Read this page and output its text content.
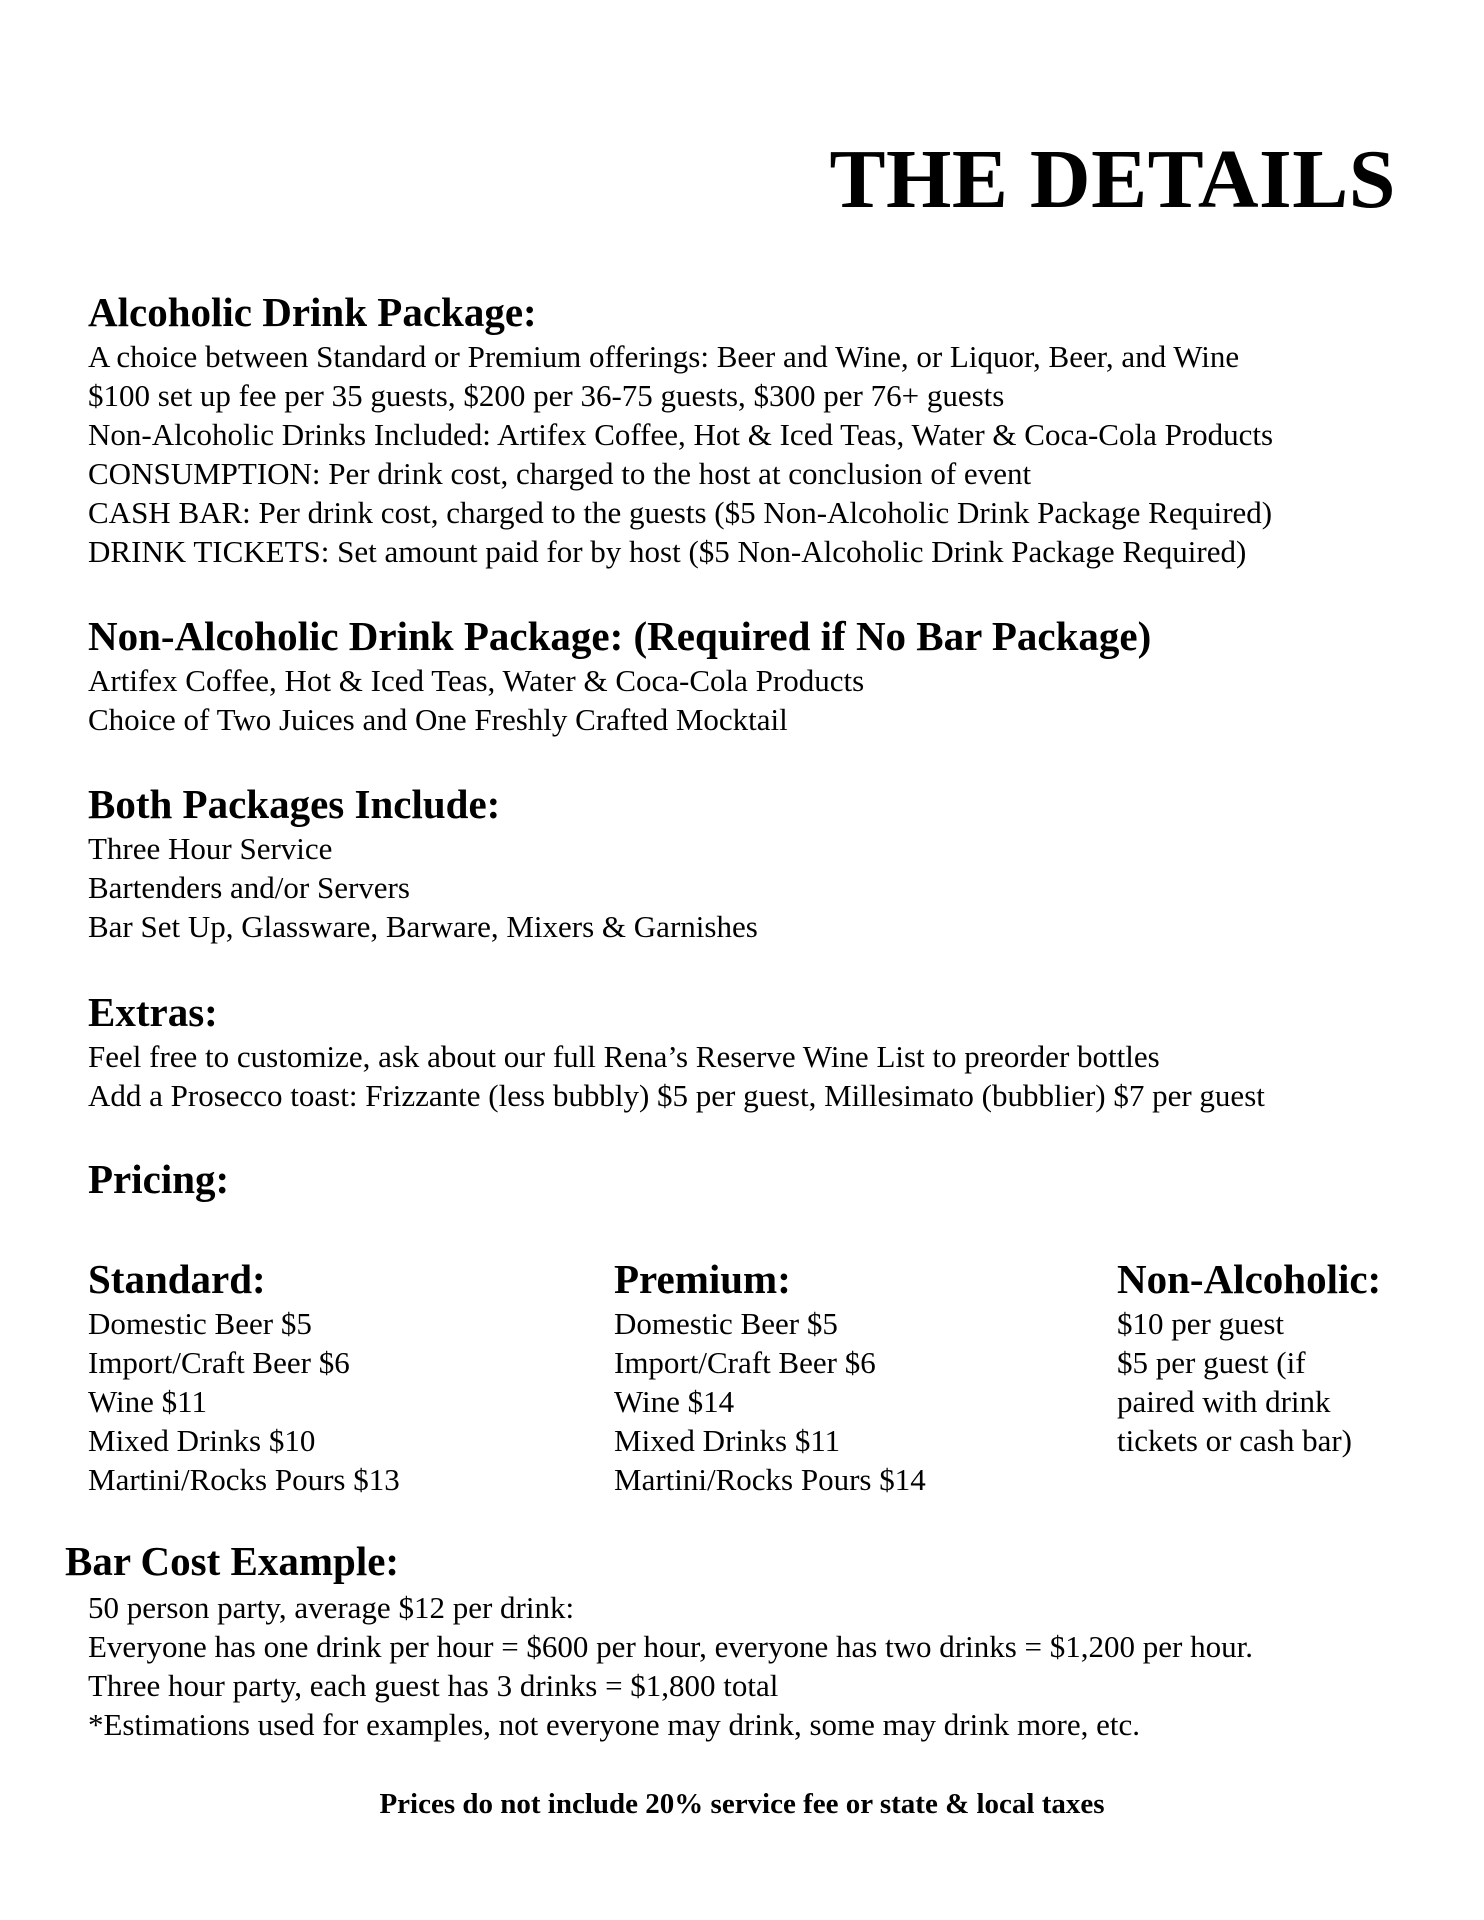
THE DETAILS
Alcoholic Drink Package:
A choice between Standard or Premium offerings: Beer and Wine, or Liquor, Beer, and Wine
$100 set up fee per 35 guests, $200 per 36-75 guests, $300 per 76+ guests
Non-Alcoholic Drinks Included: Artifex Coffee, Hot & Iced Teas, Water & Coca-Cola Products
CONSUMPTION: Per drink cost, charged to the host at conclusion of event
CASH BAR: Per drink cost, charged to the guests ($5 Non-Alcoholic Drink Package Required)
DRINK TICKETS: Set amount paid for by host ($5 Non-Alcoholic Drink Package Required)
Non-Alcoholic Drink Package: (Required if No Bar Package)
Artifex Coffee, Hot & Iced Teas, Water & Coca-Cola Products
Choice of Two Juices and One Freshly Crafted Mocktail
Both Packages Include:
Three Hour Service
Bartenders and/or Servers
Bar Set Up, Glassware, Barware, Mixers & Garnishes
Extras:
Feel free to customize, ask about our full Rena’s Reserve Wine List to preorder bottles
Add a Prosecco toast: Frizzante (less bubbly) $5 per guest, Millesimato (bubblier) $7 per guest
Pricing:
Standard:
Domestic Beer $5
Import/Craft Beer $6
Wine $11
Mixed Drinks $10
Martini/Rocks Pours $13
Premium:
Domestic Beer $5
Import/Craft Beer $6
Wine $14
Mixed Drinks $11
Martini/Rocks Pours $14
Non-Alcoholic:
$10 per guest
$5 per guest (if
paired with drink
tickets or cash bar)
Bar Cost Example:
50 person party, average $12 per drink:
Everyone has one drink per hour = $600 per hour, everyone has two drinks = $1,200 per hour.
Three hour party, each guest has 3 drinks = $1,800 total
*Estimations used for examples, not everyone may drink, some may drink more, etc.
Prices do not include 20% service fee or state & local taxes
